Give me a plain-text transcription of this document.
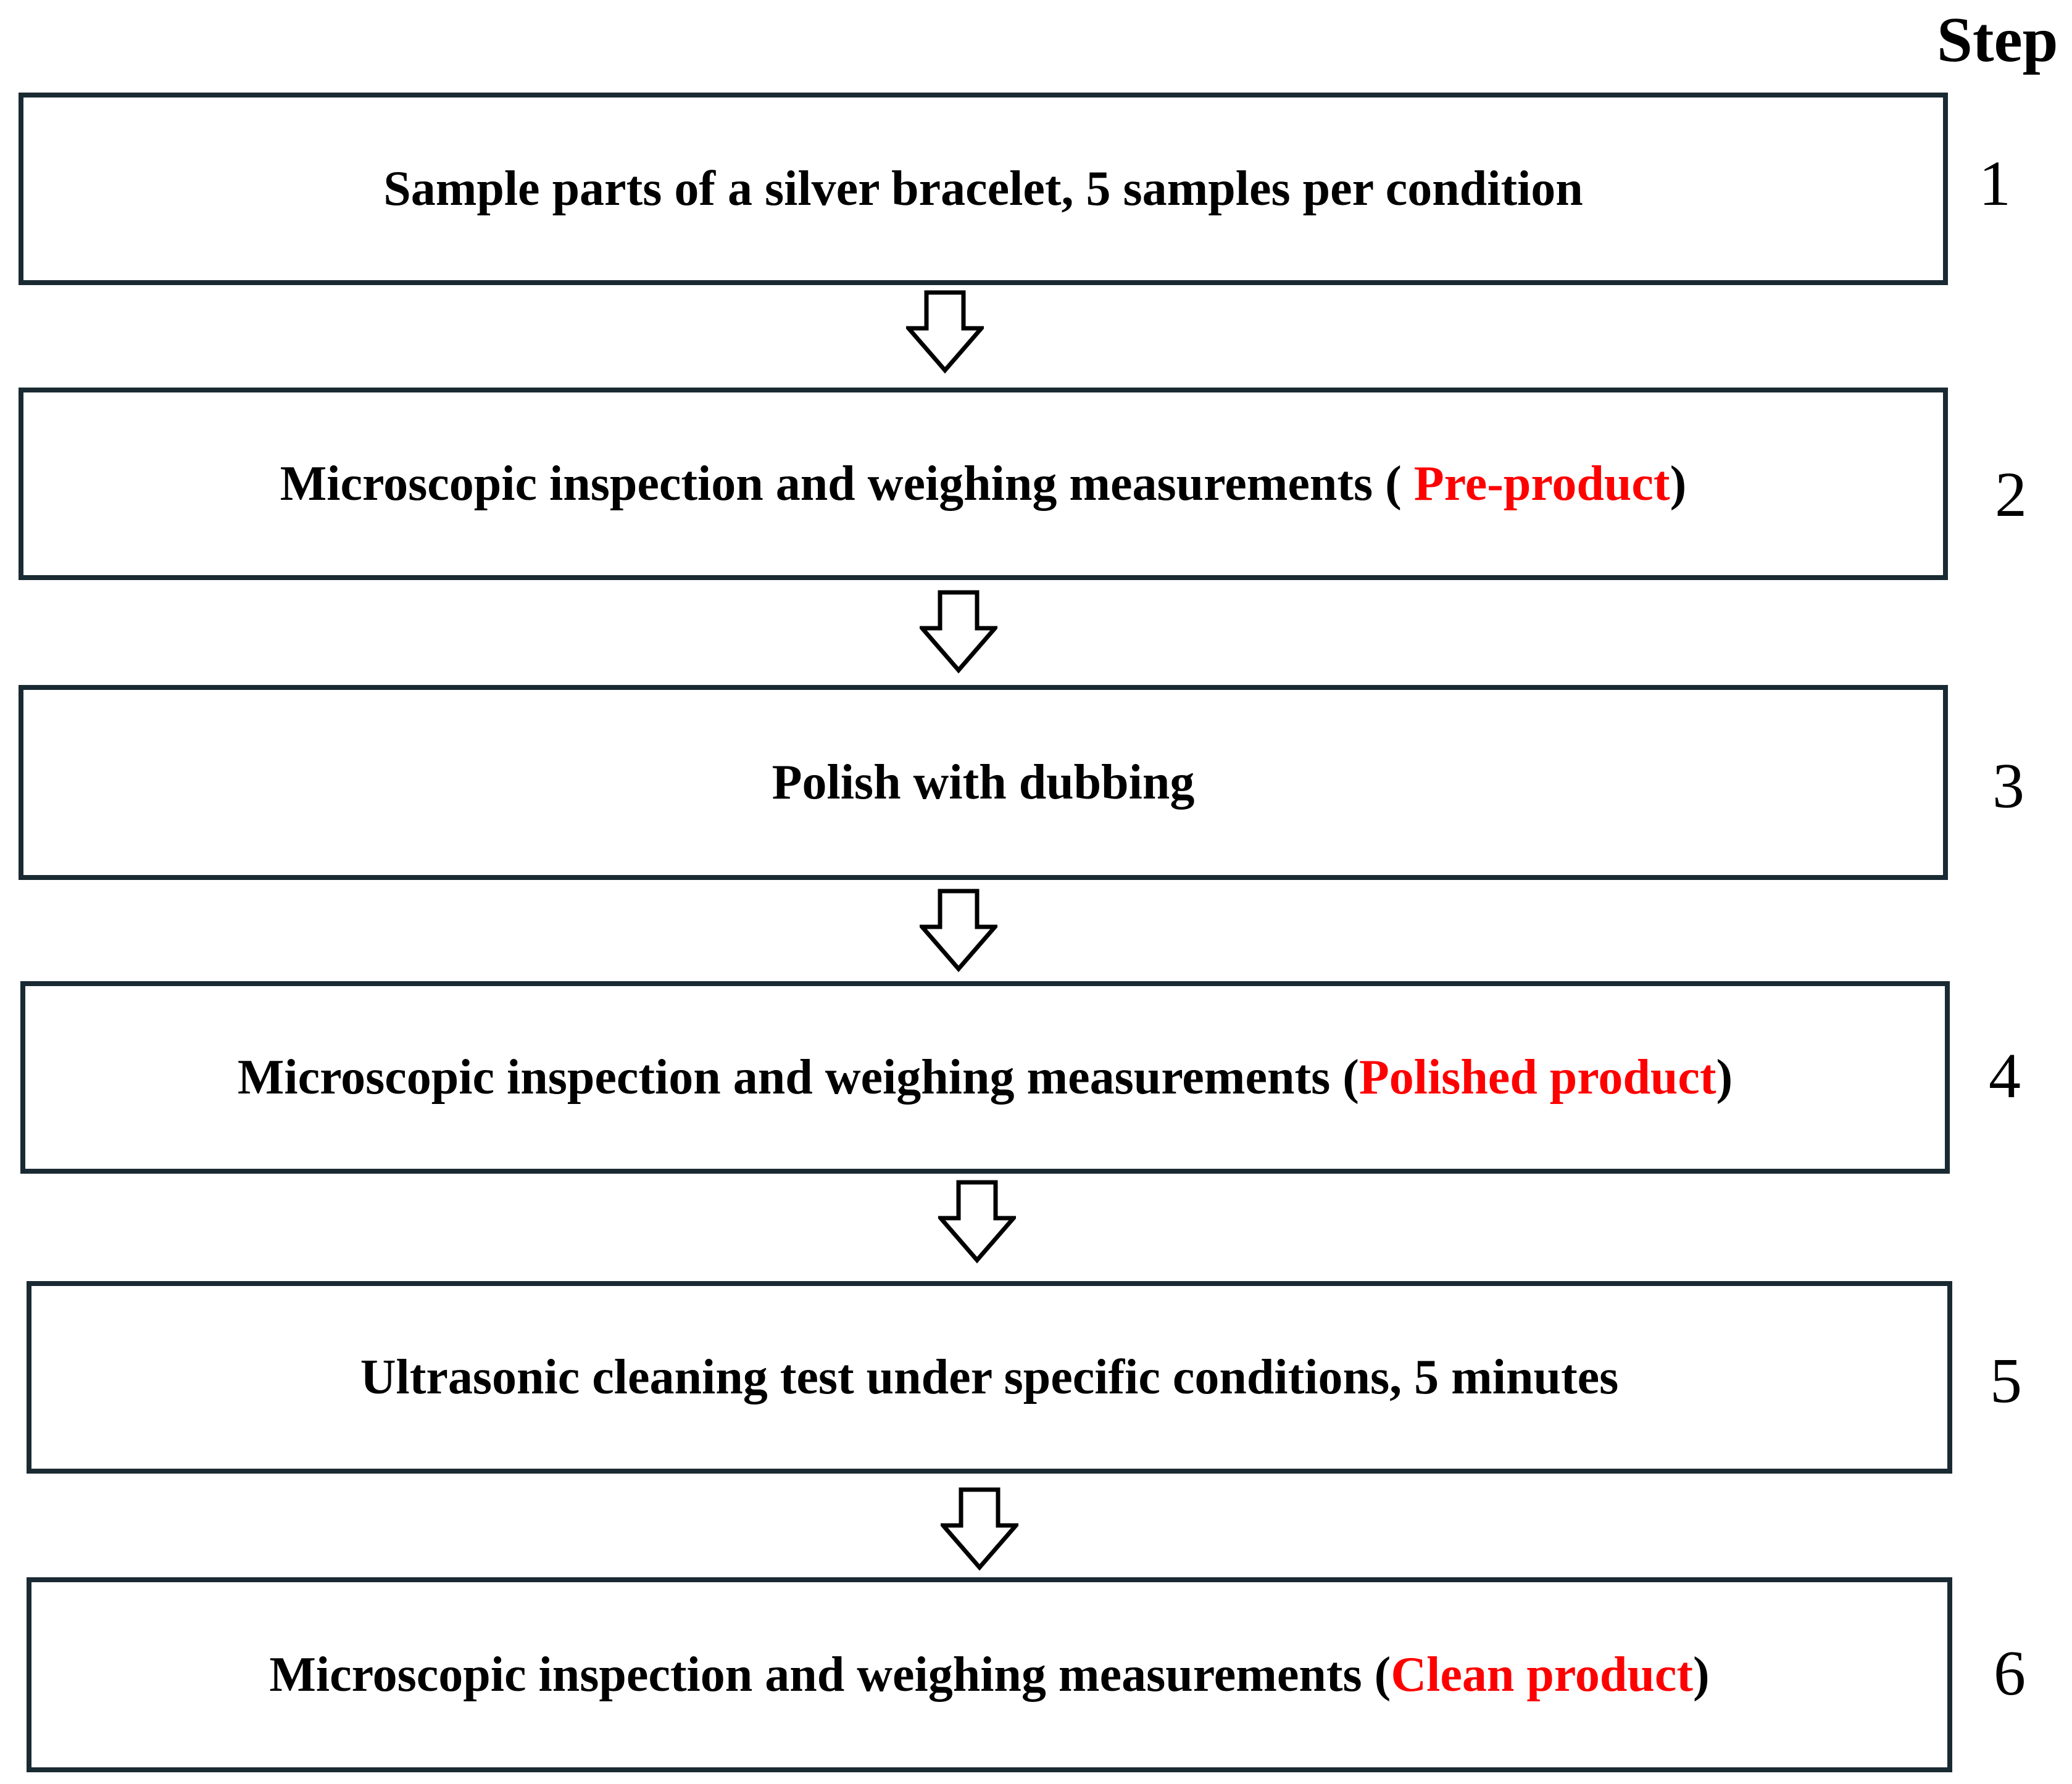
Step
Sample parts of a silver bracelet, 5 samples per condition	1
Microscopic inspection and weighing measurements ( Pre-product)	2
Polish with dubbing	3
Microscopic inspection and weighing measurements (Polished product)	4
Ultrasonic cleaning test under specific conditions, 5 minutes	5
Microscopic inspection and weighing measurements (Clean product)	6
